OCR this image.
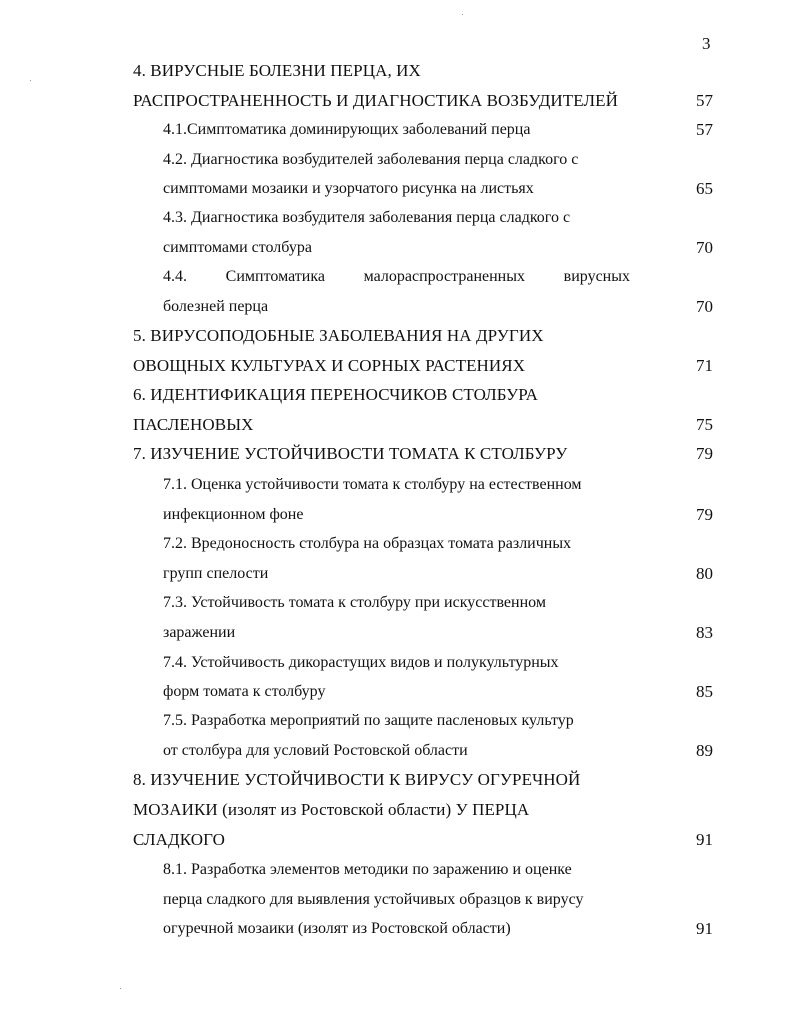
3
4. ВИРУСНЫЕ БОЛЕЗНИ ПЕРЦА, ИХ
РАСПРОСТРАНЕННОСТЬ И ДИАГНОСТИКА ВОЗБУДИТЕЛЕЙ	57
4.1.Симптоматика доминирующих заболеваний перца	57
4.2. Диагностика возбудителей заболевания перца сладкого с
симптомами мозаики и узорчатого рисунка на листьях	65
4.3. Диагностика возбудителя заболевания перца сладкого с
симптомами столбура	70
4.4. Симптоматика малораспространенных вирусных
болезней перца	70
5. ВИРУСОПОДОБНЫЕ ЗАБОЛЕВАНИЯ НА ДРУГИХ
ОВОЩНЫХ КУЛЬТУРАХ И СОРНЫХ РАСТЕНИЯХ	71
6. ИДЕНТИФИКАЦИЯ ПЕРЕНОСЧИКОВ СТОЛБУРА
ПАСЛЕНОВЫХ	75
7. ИЗУЧЕНИЕ УСТОЙЧИВОСТИ ТОМАТА К СТОЛБУРУ	79
7.1. Оценка устойчивости томата к столбуру на естественном
инфекционном фоне	79
7.2. Вредоносность столбура на образцах томата различных
групп спелости	80
7.3. Устойчивость томата к столбуру при искусственном
заражении	83
7.4. Устойчивость дикорастущих видов и полукультурных
форм томата к столбуру	85
7.5. Разработка мероприятий по защите пасленовых культур
от столбура для условий Ростовской области	89
8. ИЗУЧЕНИЕ УСТОЙЧИВОСТИ К ВИРУСУ ОГУРЕЧНОЙ
МОЗАИКИ (изолят из Ростовской области) У ПЕРЦА
СЛАДКОГО	91
8.1. Разработка элементов методики по заражению и оценке
перца сладкого для выявления устойчивых образцов к вирусу
огуречной мозаики (изолят из Ростовской области)	91
